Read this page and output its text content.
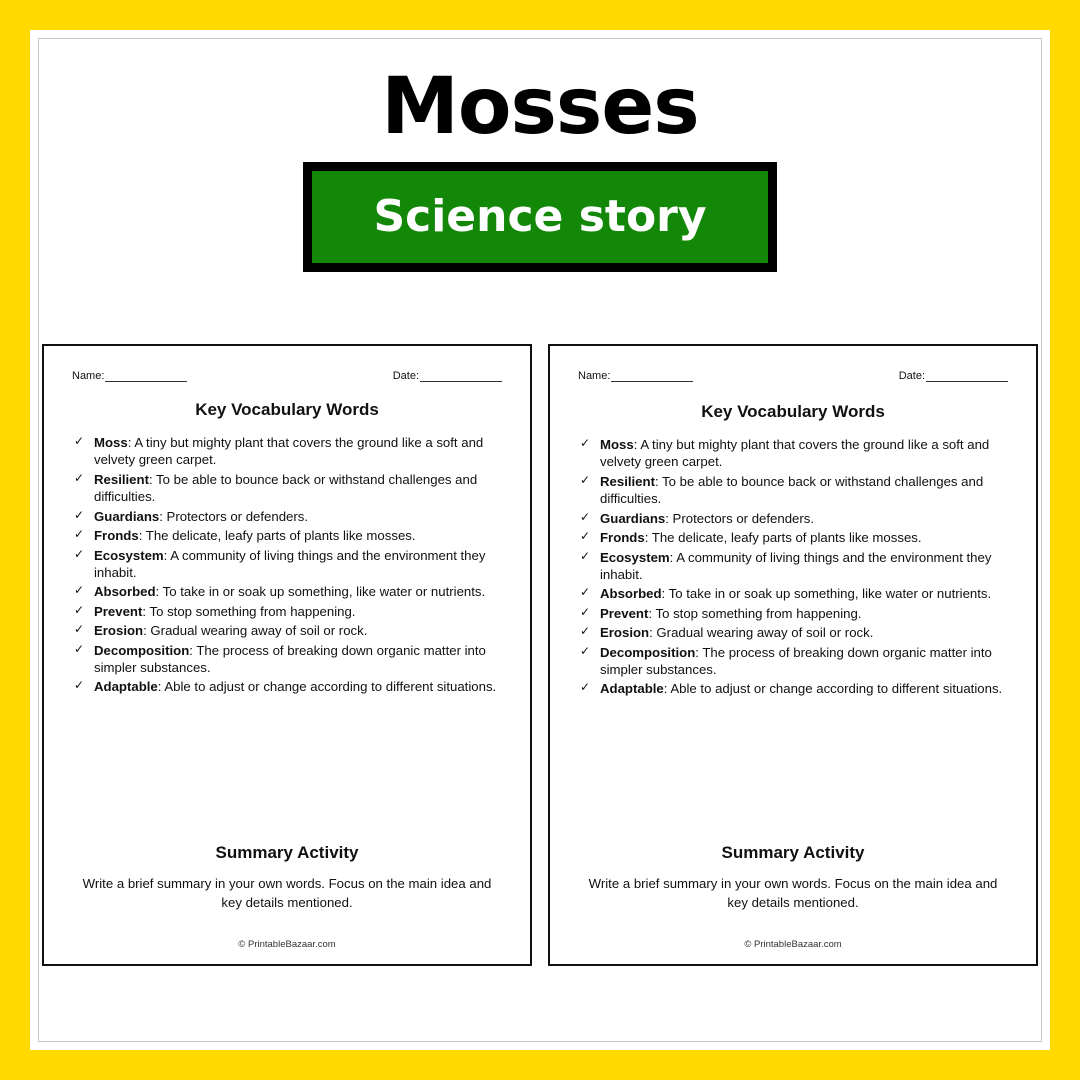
Mosses
Science story
Name:	Date:
Key Vocabulary Words
✓ Moss: A tiny but mighty plant that covers the ground like a soft and velvety green carpet.
✓ Resilient: To be able to bounce back or withstand challenges and difficulties.
✓ Guardians: Protectors or defenders.
✓ Fronds: The delicate, leafy parts of plants like mosses.
✓ Ecosystem: A community of living things and the environment they inhabit.
✓ Absorbed: To take in or soak up something, like water or nutrients.
✓ Prevent: To stop something from happening.
✓ Erosion: Gradual wearing away of soil or rock.
✓ Decomposition: The process of breaking down organic matter into simpler substances.
✓ Adaptable: Able to adjust or change according to different situations.
Summary Activity
Write a brief summary in your own words. Focus on the main idea and key details mentioned.
© PrintableBazaar.com
Name:	Date:
Key Vocabulary Words
✓ Moss: A tiny but mighty plant that covers the ground like a soft and velvety green carpet.
✓ Resilient: To be able to bounce back or withstand challenges and difficulties.
✓ Guardians: Protectors or defenders.
✓ Fronds: The delicate, leafy parts of plants like mosses.
✓ Ecosystem: A community of living things and the environment they inhabit.
✓ Absorbed: To take in or soak up something, like water or nutrients.
✓ Prevent: To stop something from happening.
✓ Erosion: Gradual wearing away of soil or rock.
✓ Decomposition: The process of breaking down organic matter into simpler substances.
✓ Adaptable: Able to adjust or change according to different situations.
Summary Activity
Write a brief summary in your own words. Focus on the main idea and key details mentioned.
© PrintableBazaar.com
